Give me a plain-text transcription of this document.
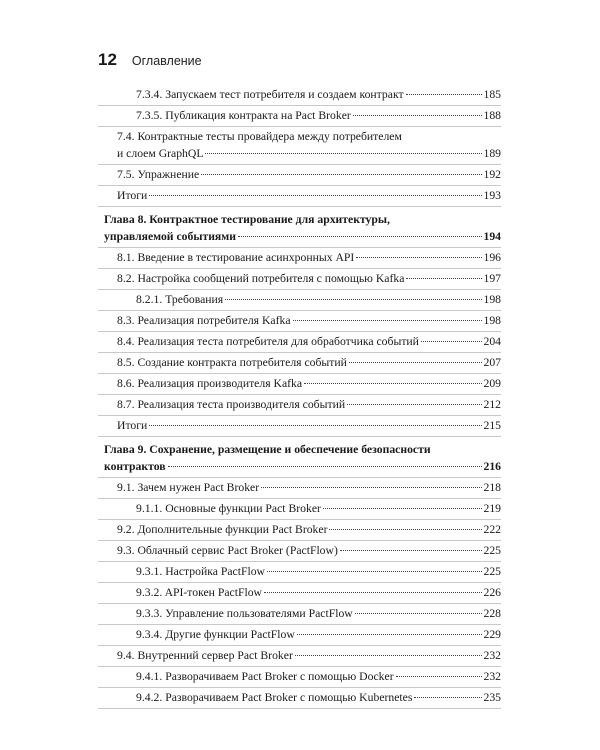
12 Оглавление
7.3.4. Запускаем тест потребителя и создаем контракт	185
7.3.5. Публикация контракта на Pact Broker	188
7.4. Контрактные тесты провайдера между потребителем
и слоем GraphQL	189
7.5. Упражнение	192
Итоги	193
Глава 8. Контрактное тестирование для архитектуры,
управляемой событиями	194
8.1. Введение в тестирование асинхронных API	196
8.2. Настройка сообщений потребителя с помощью Kafka	197
8.2.1. Требования	198
8.3. Реализация потребителя Kafka	198
8.4. Реализация теста потребителя для обработчика событий	204
8.5. Создание контракта потребителя событий	207
8.6. Реализация производителя Kafka	209
8.7. Реализация теста производителя событий	212
Итоги	215
Глава 9. Сохранение, размещение и обеспечение безопасности
контрактов	216
9.1. Зачем нужен Pact Broker	218
9.1.1. Основные функции Pact Broker	219
9.2. Дополнительные функции Pact Broker	222
9.3. Облачный сервис Pact Broker (PactFlow)	225
9.3.1. Настройка PactFlow	225
9.3.2. API-токен PactFlow	226
9.3.3. Управление пользователями PactFlow	228
9.3.4. Другие функции PactFlow	229
9.4. Внутренний сервер Pact Broker	232
9.4.1. Разворачиваем Pact Broker с помощью Docker	232
9.4.2. Разворачиваем Pact Broker с помощью Kubernetes	235
